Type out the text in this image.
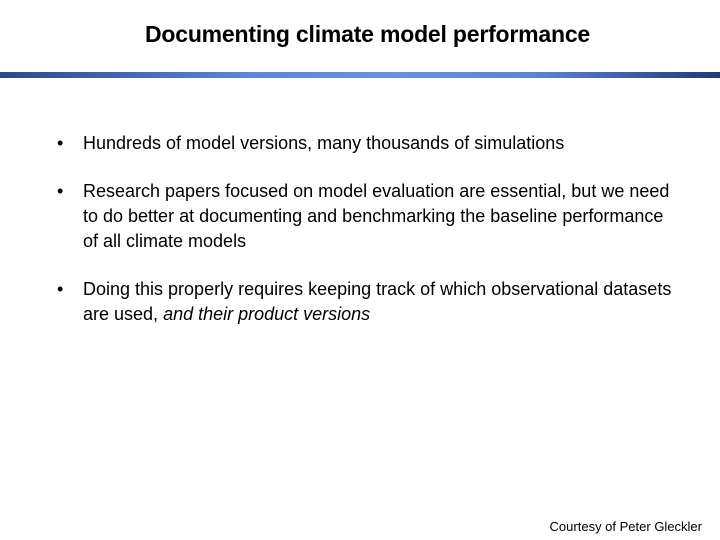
Documenting climate model performance
• Hundreds of model versions, many thousands of simulations
• Research papers focused on model evaluation are essential, but we need to do better at documenting and benchmarking the baseline performance of all climate models
• Doing this properly requires keeping track of which observational datasets are used, and their product versions
Courtesy of Peter Gleckler
